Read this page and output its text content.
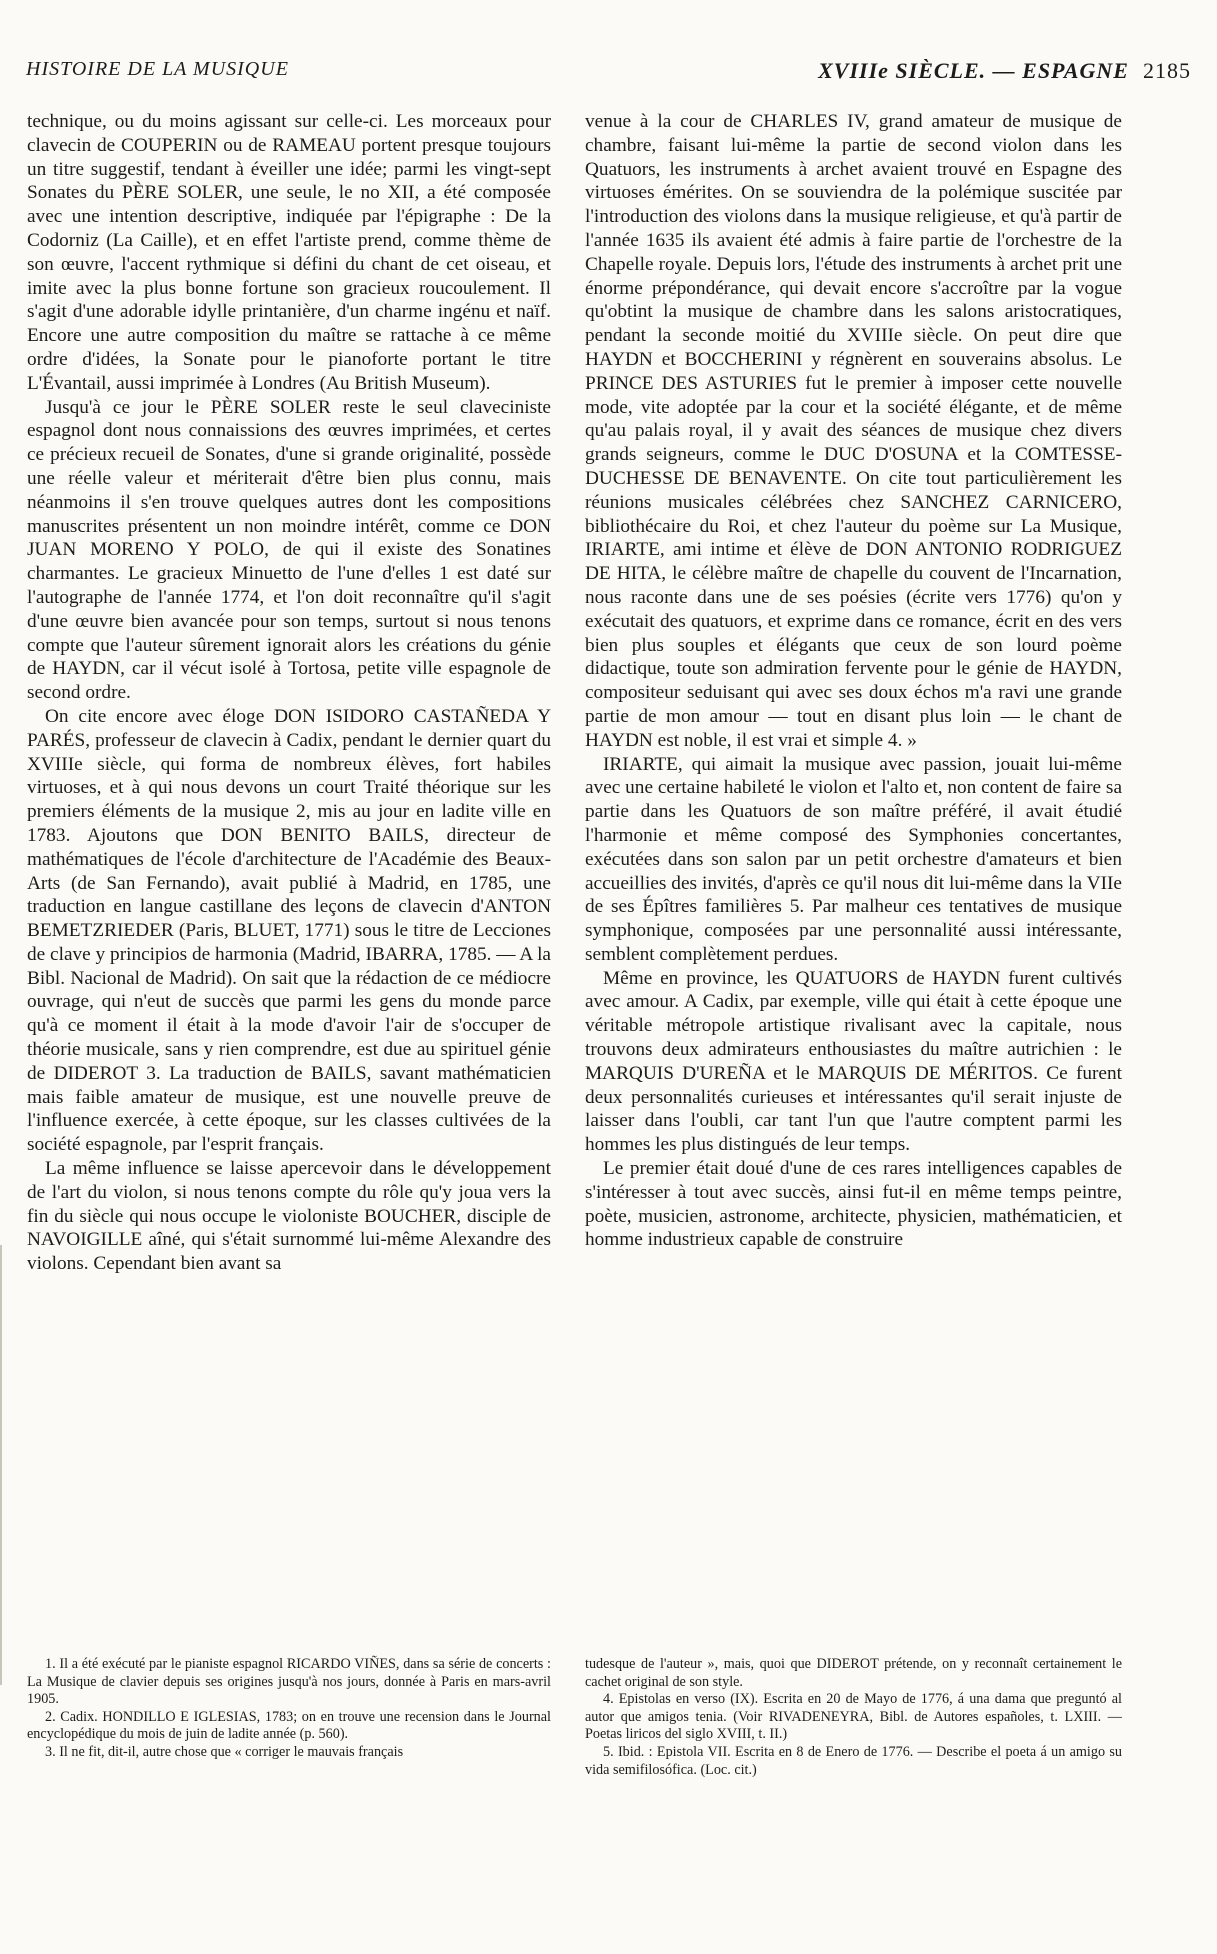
HISTOIRE DE LA MUSIQUE	XVIIIe SIÈCLE. — ESPAGNE 2185

technique, ou du moins agissant sur celle-ci. Les morceaux pour clavecin de COUPERIN ou de RAMEAU portent presque toujours un titre suggestif, tendant à éveiller une idée; parmi les vingt-sept Sonates du PÈRE SOLER, une seule, le no XII, a été composée avec une intention descriptive, indiquée par l'épigraphe : De la Codorniz (La Caille), et en effet l'artiste prend, comme thème de son œuvre, l'accent rythmique si défini du chant de cet oiseau, et imite avec la plus bonne fortune son gracieux roucoulement. Il s'agit d'une adorable idylle printanière, d'un charme ingénu et naïf. Encore une autre composition du maître se rattache à ce même ordre d'idées, la Sonate pour le pianoforte portant le titre L'Évantail, aussi imprimée à Londres (Au British Museum).

Jusqu'à ce jour le PÈRE SOLER reste le seul claveciniste espagnol dont nous connaissions des œuvres imprimées, et certes ce précieux recueil de Sonates, d'une si grande originalité, possède une réelle valeur et mériterait d'être bien plus connu, mais néanmoins il s'en trouve quelques autres dont les compositions manuscrites présentent un non moindre intérêt, comme ce DON JUAN MORENO Y POLO, de qui il existe des Sonatines charmantes. Le gracieux Minuetto de l'une d'elles 1 est daté sur l'autographe de l'année 1774, et l'on doit reconnaître qu'il s'agit d'une œuvre bien avancée pour son temps, surtout si nous tenons compte que l'auteur sûrement ignorait alors les créations du génie de HAYDN, car il vécut isolé à Tortosa, petite ville espagnole de second ordre.

On cite encore avec éloge DON ISIDORO CASTAÑEDA Y PARÉS, professeur de clavecin à Cadix, pendant le dernier quart du XVIIIe siècle, qui forma de nombreux élèves, fort habiles virtuoses, et à qui nous devons un court Traité théorique sur les premiers éléments de la musique 2, mis au jour en ladite ville en 1783. Ajoutons que DON BENITO BAILS, directeur de mathématiques de l'école d'architecture de l'Académie des Beaux-Arts (de San Fernando), avait publié à Madrid, en 1785, une traduction en langue castillane des leçons de clavecin d'ANTON BEMETZRIEDER (Paris, BLUET, 1771) sous le titre de Lecciones de clave y principios de harmonia (Madrid, IBARRA, 1785. — A la Bibl. Nacional de Madrid). On sait que la rédaction de ce médiocre ouvrage, qui n'eut de succès que parmi les gens du monde parce qu'à ce moment il était à la mode d'avoir l'air de s'occuper de théorie musicale, sans y rien comprendre, est due au spirituel génie de DIDEROT 3. La traduction de BAILS, savant mathématicien mais faible amateur de musique, est une nouvelle preuve de l'influence exercée, à cette époque, sur les classes cultivées de la société espagnole, par l'esprit français.

La même influence se laisse apercevoir dans le développement de l'art du violon, si nous tenons compte du rôle qu'y joua vers la fin du siècle qui nous occupe le violoniste BOUCHER, disciple de NAVOIGILLE aîné, qui s'était surnommé lui-même Alexandre des violons. Cependant bien avant sa

venue à la cour de CHARLES IV, grand amateur de musique de chambre, faisant lui-même la partie de second violon dans les Quatuors, les instruments à archet avaient trouvé en Espagne des virtuoses émérites. On se souviendra de la polémique suscitée par l'introduction des violons dans la musique religieuse, et qu'à partir de l'année 1635 ils avaient été admis à faire partie de l'orchestre de la Chapelle royale. Depuis lors, l'étude des instruments à archet prit une énorme prépondérance, qui devait encore s'accroître par la vogue qu'obtint la musique de chambre dans les salons aristocratiques, pendant la seconde moitié du XVIIIe siècle. On peut dire que HAYDN et BOCCHERINI y régnèrent en souverains absolus. Le PRINCE DES ASTURIES fut le premier à imposer cette nouvelle mode, vite adoptée par la cour et la société élégante, et de même qu'au palais royal, il y avait des séances de musique chez divers grands seigneurs, comme le DUC D'OSUNA et la COMTESSE-DUCHESSE DE BENAVENTE. On cite tout particulièrement les réunions musicales célébrées chez SANCHEZ CARNICERO, bibliothécaire du Roi, et chez l'auteur du poème sur La Musique, IRIARTE, ami intime et élève de DON ANTONIO RODRIGUEZ DE HITA, le célèbre maître de chapelle du couvent de l'Incarnation, nous raconte dans une de ses poésies (écrite vers 1776) qu'on y exécutait des quatuors, et exprime dans ce romance, écrit en des vers bien plus souples et élégants que ceux de son lourd poème didactique, toute son admiration fervente pour le génie de HAYDN, compositeur seduisant qui avec ses doux échos m'a ravi une grande partie de mon amour — tout en disant plus loin — le chant de HAYDN est noble, il est vrai et simple 4. »

IRIARTE, qui aimait la musique avec passion, jouait lui-même avec une certaine habileté le violon et l'alto et, non content de faire sa partie dans les Quatuors de son maître préféré, il avait étudié l'harmonie et même composé des Symphonies concertantes, exécutées dans son salon par un petit orchestre d'amateurs et bien accueillies des invités, d'après ce qu'il nous dit lui-même dans la VIIe de ses Épîtres familières 5. Par malheur ces tentatives de musique symphonique, composées par une personnalité aussi intéressante, semblent complètement perdues.

Même en province, les QUATUORS de HAYDN furent cultivés avec amour. A Cadix, par exemple, ville qui était à cette époque une véritable métropole artistique rivalisant avec la capitale, nous trouvons deux admirateurs enthousiastes du maître autrichien : le MARQUIS D'UREÑA et le MARQUIS DE MÉRITOS. Ce furent deux personnalités curieuses et intéressantes qu'il serait injuste de laisser dans l'oubli, car tant l'un que l'autre comptent parmi les hommes les plus distingués de leur temps.

Le premier était doué d'une de ces rares intelligences capables de s'intéresser à tout avec succès, ainsi fut-il en même temps peintre, poète, musicien, astronome, architecte, physicien, mathématicien, et homme industrieux capable de construire

1. Il a été exécuté par le pianiste espagnol RICARDO VIÑES, dans sa série de concerts : La Musique de clavier depuis ses origines jusqu'à nos jours, donnée à Paris en mars-avril 1905.

2. Cadix. HONDILLO E IGLESIAS, 1783; on en trouve une recension dans le Journal encyclopédique du mois de juin de ladite année (p. 560).

3. Il ne fit, dit-il, autre chose que « corriger le mauvais français

tudesque de l'auteur », mais, quoi que DIDEROT prétende, on y reconnaît certainement le cachet original de son style.

4. Epistolas en verso (IX). Escrita en 20 de Mayo de 1776, á una dama que preguntó al autor que amigos tenia. (Voir RIVADENEYRA, Bibl. de Autores españoles, t. LXIII. — Poetas liricos del siglo XVIII, t. II.)

5. Ibid. : Epistola VII. Escrita en 8 de Enero de 1776. — Describe el poeta á un amigo su vida semifilosófica. (Loc. cit.)
